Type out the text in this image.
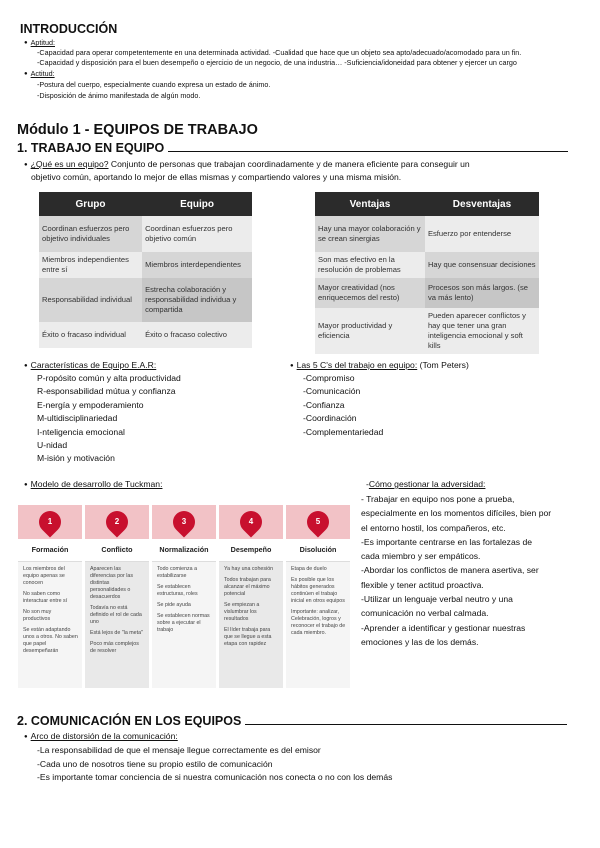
INTRODUCCIÓN
● Aptitud:
-Capacidad para operar competentemente en una determinada actividad. -Cualidad que hace que un objeto sea apto/adecuado/acomodado para un fin.
-Capacidad y disposición para el buen desempeño o ejercicio de un negocio, de una industria… -Suficiencia/idoneidad para obtener y ejercer un cargo
● Actitud:
-Postura del cuerpo, especialmente cuando expresa un estado de ánimo.
-Disposición de ánimo manifestada de algún modo.
Módulo 1 - EQUIPOS DE TRABAJO
1. TRABAJO EN EQUIPO
● ¿Qué es un equipo? Conjunto de personas que trabajan coordinadamente y de manera eficiente para conseguir un
objetivo común, aportando lo mejor de ellas mismas y compartiendo valores y una misma misión.
Grupo	Equipo
Coordinan esfuerzos pero objetivo individuales	Coordinan esfuerzos pero objetivo común
Miembros independientes entre sí	Miembros interdependientes
Responsabilidad individual	Estrecha colaboración y responsabilidad individua y compartida
Éxito o fracaso individual	Éxito o fracaso colectivo
Ventajas	Desventajas
Hay una mayor colaboración y se crean sinergias	Esfuerzo por entenderse
Son mas efectivo en la resolución de problemas	Hay que consensuar decisiones
Mayor creatividad (nos enriquecemos del resto)	Procesos son más largos. (se va más lento)
Mayor productividad y eficiencia	Pueden aparecer conflictos y hay que tener una gran inteligencia emocional y soft kills
● Características de Equipo E.A.R:
P-ropósito común y alta productividad
R-esponsabilidad mútua y confianza
E-nergía y empoderamiento
M-ultidisciplinariedad
I-nteligencia emocional
U-nidad
M-isión y motivación
● Las 5 C's del trabajo en equipo: (Tom Peters)
-Compromiso
-Comunicación
-Confianza
-Coordinación
-Complementariedad
● Modelo de desarrollo de Tuckman:
1
Formación
Los miembros del equipo apenas se conocen
No saben como interactuar entre sí
No son muy productivos
Se están adaptando unos a otros. No saben que papel desempeñarán
2
Conflicto
Aparecen las diferencias por las distintas personalidades o desacuerdos
Todavía no está definido el rol de cada uno
Está lejos de "la meta"
Poco más complejos de resolver
3
Normalización
Todo comienza a estabilizarse
Se establecen estructuras, roles
Se pide ayuda
Se establecen normas sobre a ejecutar el trabajo
4
Desempeño
Ya hay una cohesión
Todos trabajan para alcanzar el máximo potencial
Se empiezan a vislumbrar los resultados
El líder trabaja para que se llegue a esta etapa con rapidez
5
Disolución
Etapa de duelo
Es posible que los hábitos generados continúen el trabajo inicial en otros equipos
Importante: analizar, Celebración, logros y reconocer el trabajo de cada miembro.
-Cómo gestionar la adversidad:
- Trabajar en equipo nos pone a prueba,
especialmente en los momentos difíciles, bien por
el entorno hostil, los compañeros, etc.
-Es importante centrarse en las fortalezas de
cada miembro y ser empáticos.
-Abordar los conflictos de manera asertiva, ser
flexible y tener actitud proactiva.
-Utilizar un lenguaje verbal neutro y una
comunicación no verbal calmada.
-Aprender a identificar y gestionar nuestras
emociones y las de los demás.
2. COMUNICACIÓN EN LOS EQUIPOS
● Arco de distorsión de la comunicación:
-La responsabilidad de que el mensaje llegue correctamente es del emisor
-Cada uno de nosotros tiene su propio estilo de comunicación
-Es importante tomar conciencia de si nuestra comunicación nos conecta o no con los demás
